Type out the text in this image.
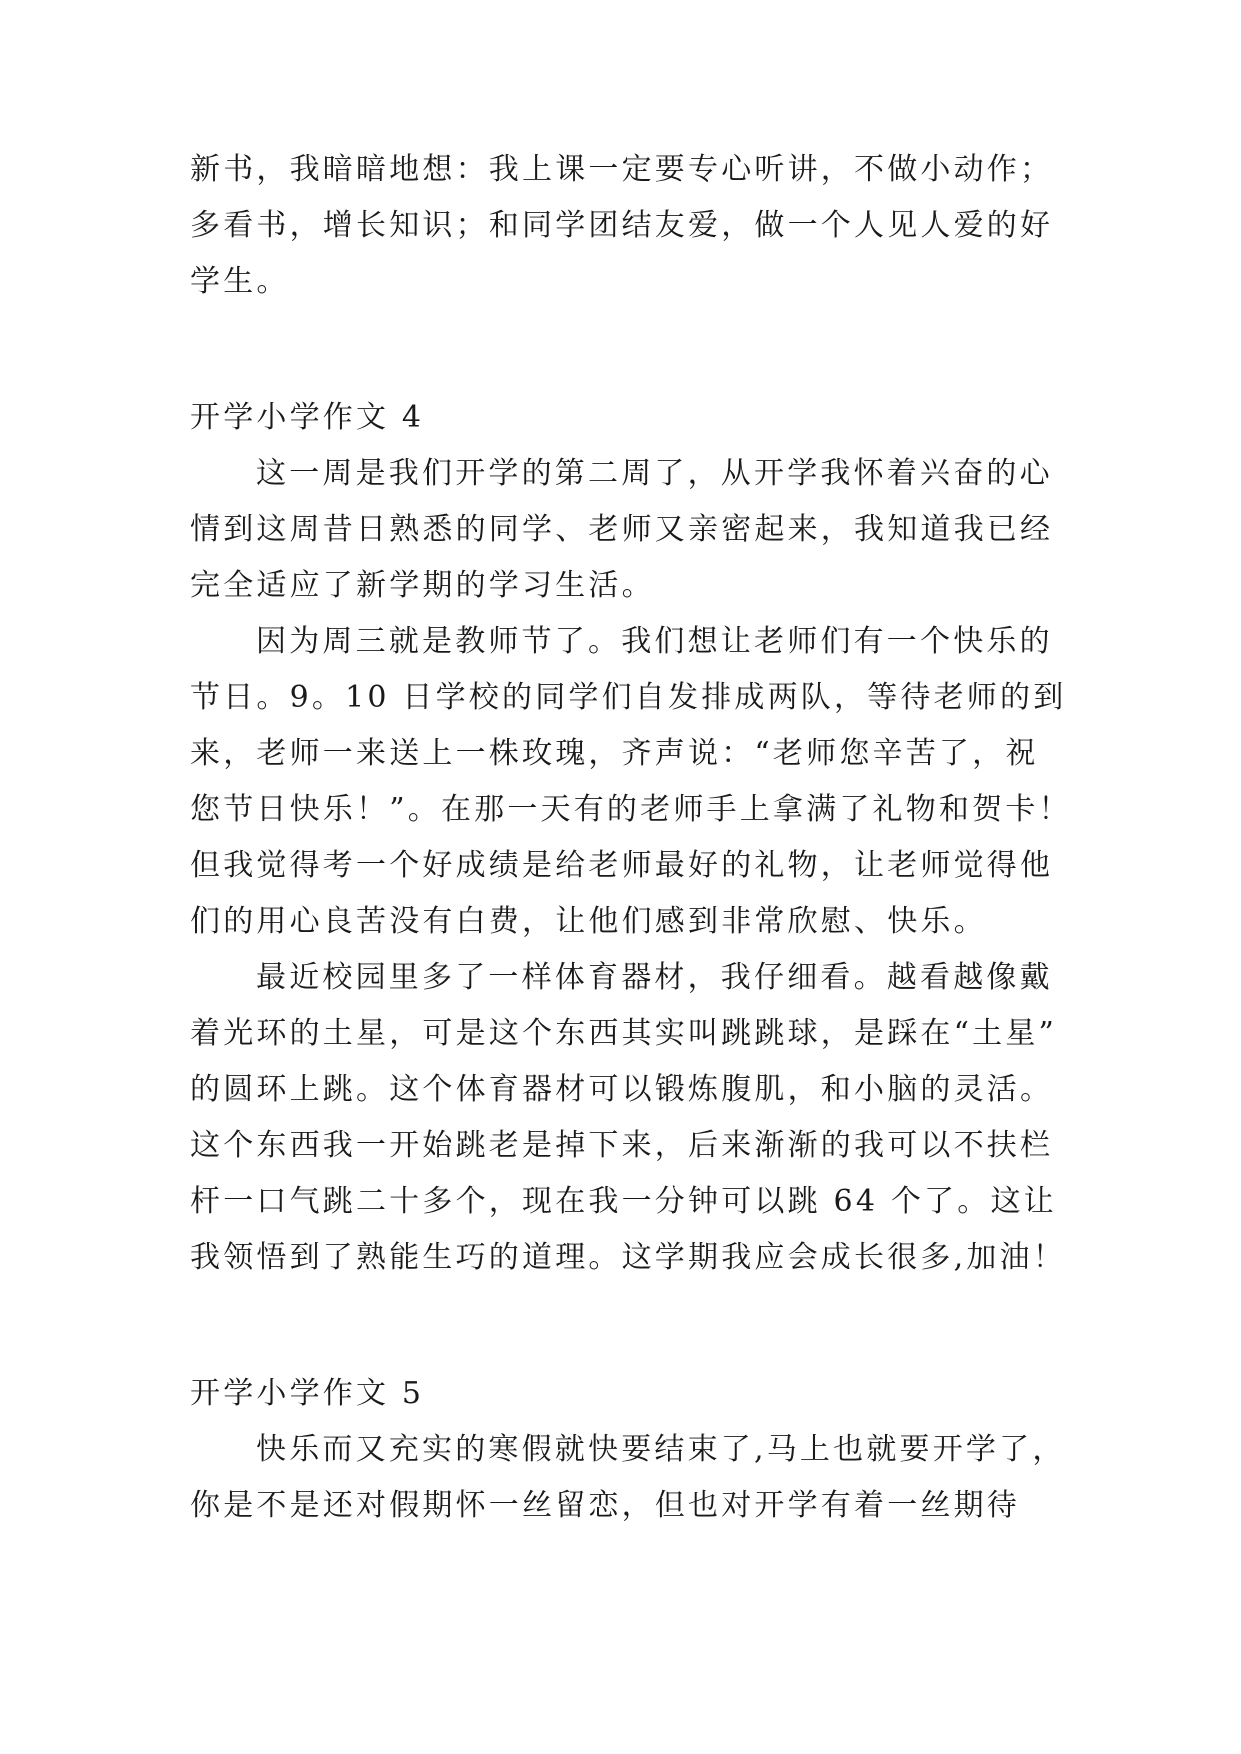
新书，我暗暗地想：我上课一定要专心听讲，不做小动作；
多看书，增长知识；和同学团结友爱，做一个人见人爱的好
学生。
开学小学作文 4
这一周是我们开学的第二周了，从开学我怀着兴奋的心
情到这周昔日熟悉的同学、老师又亲密起来，我知道我已经
完全适应了新学期的学习生活。
因为周三就是教师节了。我们想让老师们有一个快乐的
节日。9。10 日学校的同学们自发排成两队，等待老师的到
来，老师一来送上一株玫瑰，齐声说：“老师您辛苦了，祝
您节日快乐！”。在那一天有的老师手上拿满了礼物和贺卡！
但我觉得考一个好成绩是给老师最好的礼物，让老师觉得他
们的用心良苦没有白费，让他们感到非常欣慰、快乐。
最近校园里多了一样体育器材，我仔细看。越看越像戴
着光环的土星，可是这个东西其实叫跳跳球，是踩在“土星”
的圆环上跳。这个体育器材可以锻炼腹肌，和小脑的灵活。
这个东西我一开始跳老是掉下来，后来渐渐的我可以不扶栏
杆一口气跳二十多个，现在我一分钟可以跳 64 个了。这让
我领悟到了熟能生巧的道理。这学期我应会成长很多,加油！
开学小学作文 5
快乐而又充实的寒假就快要结束了,马上也就要开学了，
你是不是还对假期怀一丝留恋，但也对开学有着一丝期待
